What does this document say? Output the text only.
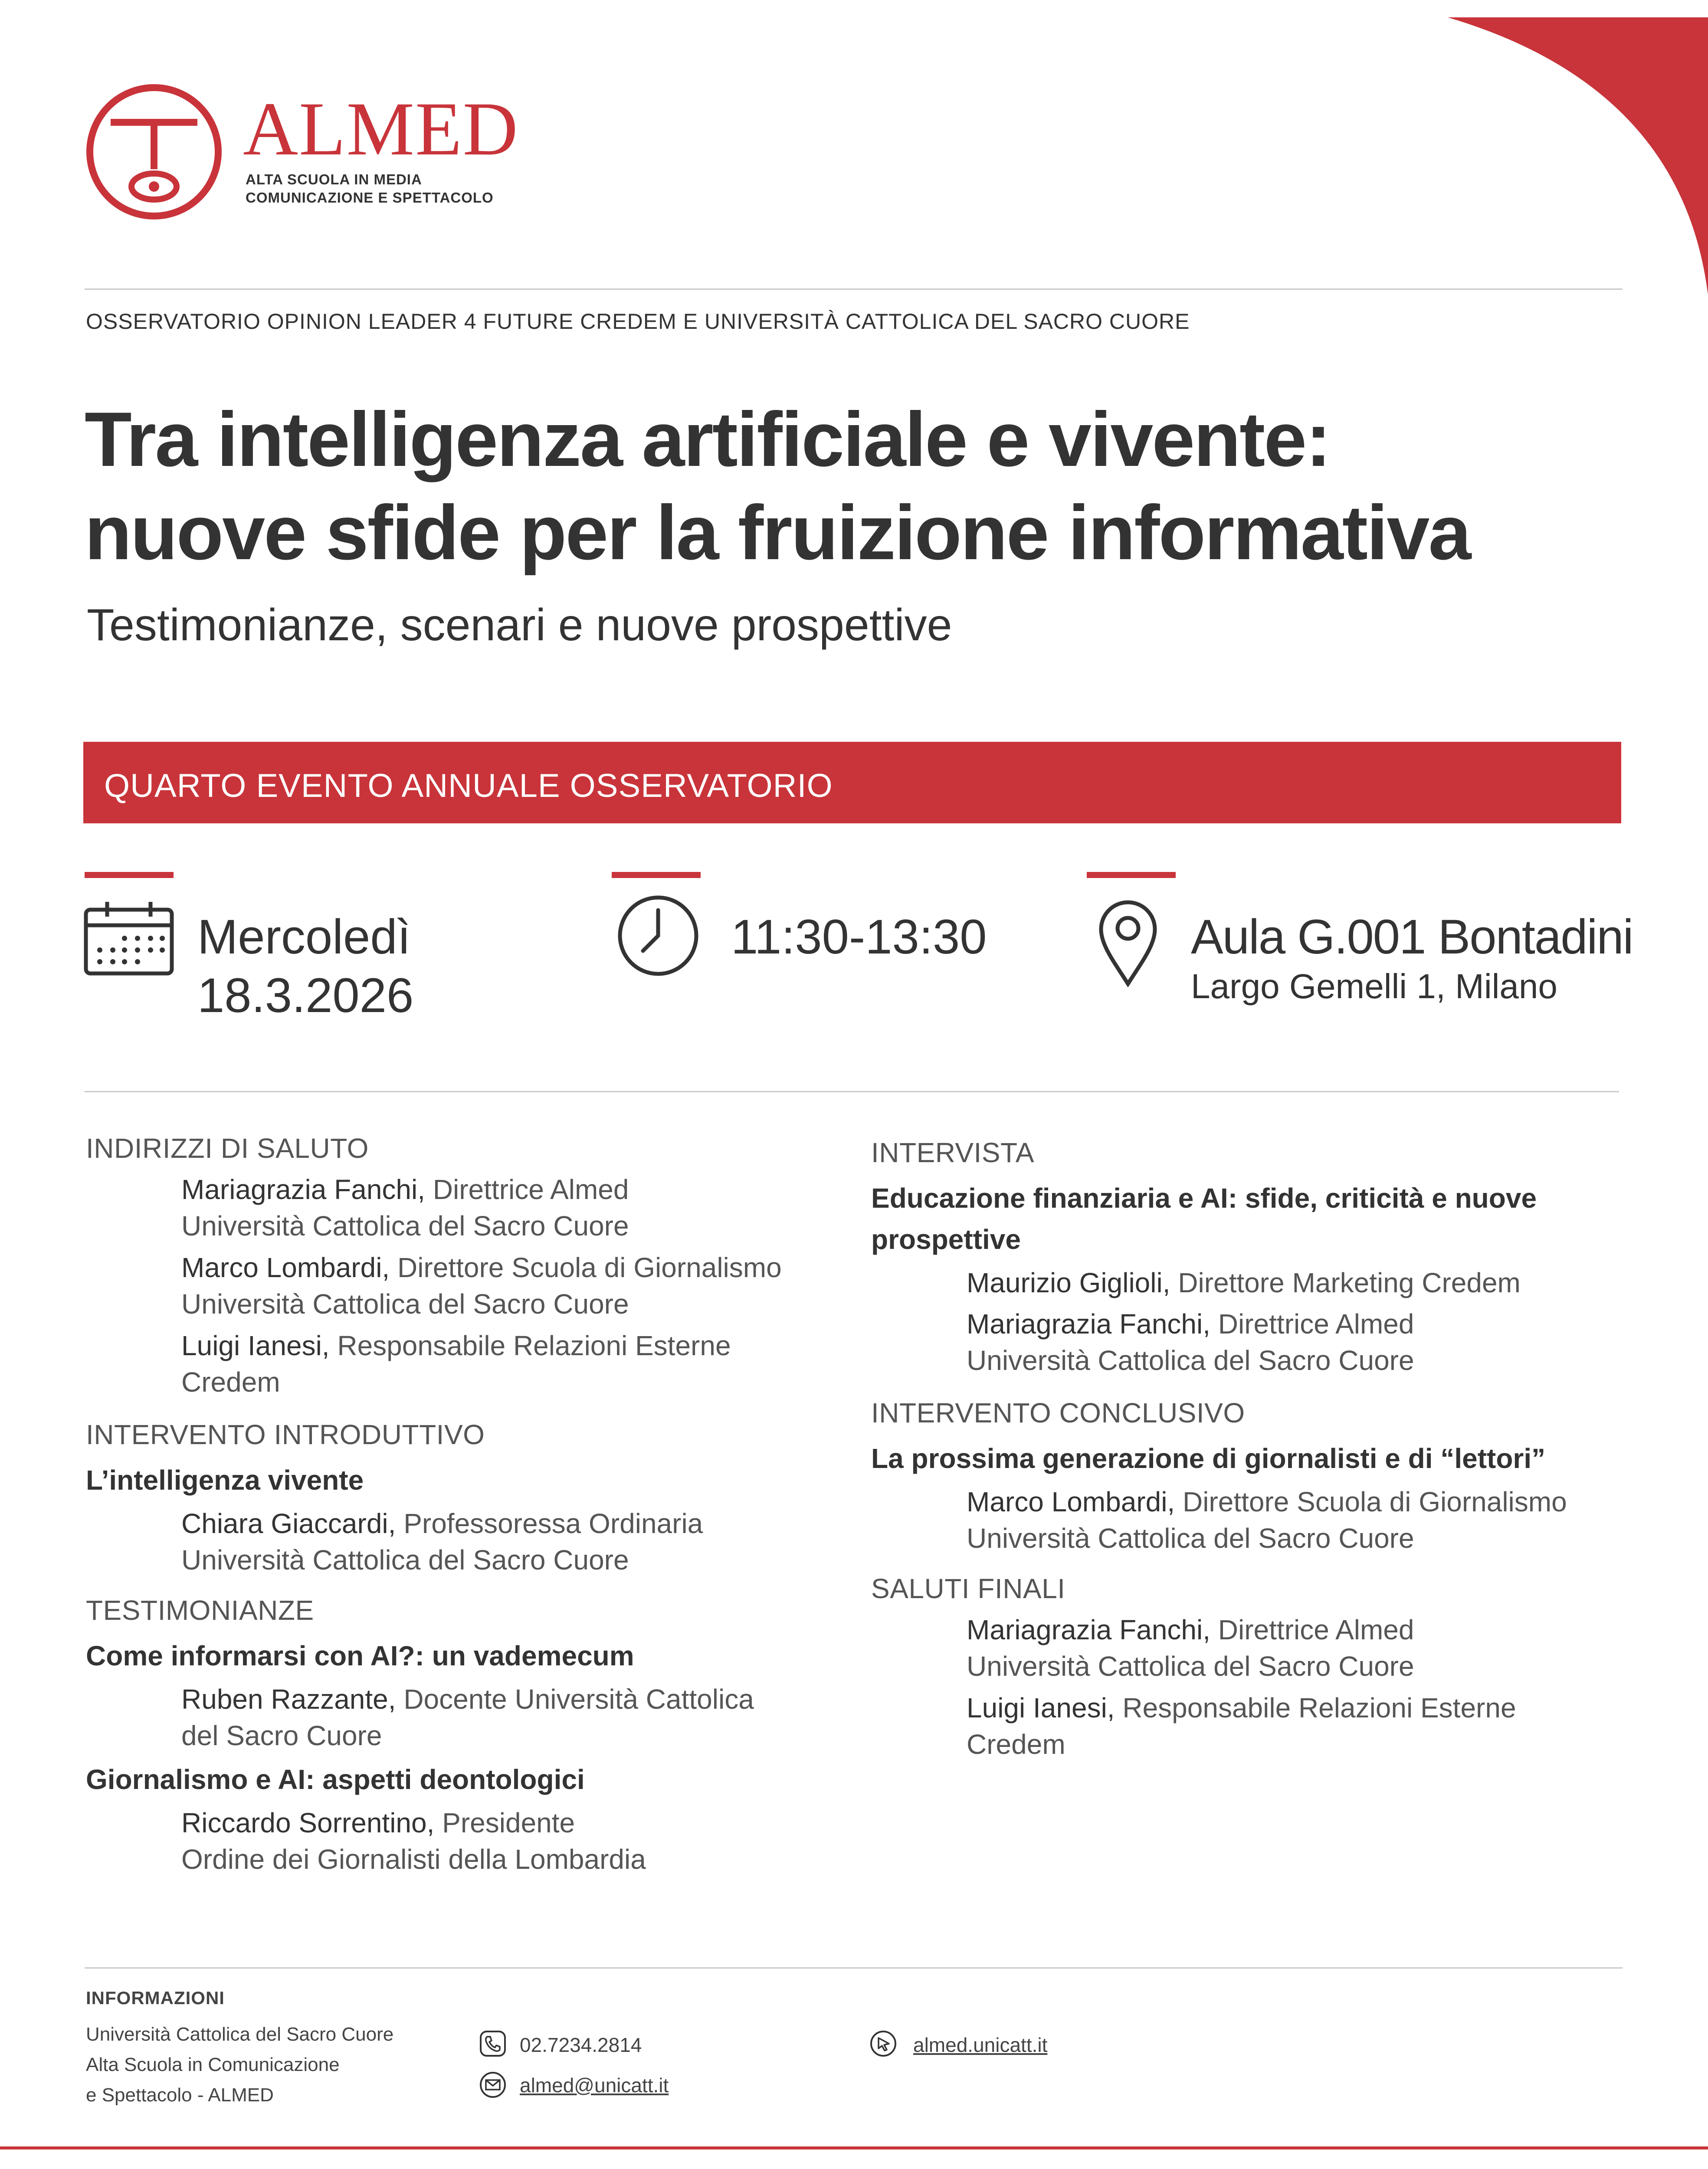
ALMED
ALTA SCUOLA IN MEDIA
COMUNICAZIONE E SPETTACOLO
OSSERVATORIO OPINION LEADER 4 FUTURE CREDEM E UNIVERSITÀ CATTOLICA DEL SACRO CUORE
Tra intelligenza artificiale e vivente:
nuove sfide per la fruizione informativa
Testimonianze, scenari e nuove prospettive
QUARTO EVENTO ANNUALE OSSERVATORIO
Mercoledì
18.3.2026
11:30-13:30	Aula G.001 Bontadini
Largo Gemelli 1, Milano
INDIRIZZI DI SALUTO
Mariagrazia Fanchi, Direttrice Almed
Università Cattolica del Sacro Cuore
Marco Lombardi, Direttore Scuola di Giornalismo
Università Cattolica del Sacro Cuore
Luigi Ianesi, Responsabile Relazioni Esterne
Credem
INTERVENTO INTRODUTTIVO
L’intelligenza vivente
Chiara Giaccardi, Professoressa Ordinaria
Università Cattolica del Sacro Cuore
TESTIMONIANZE
Come informarsi con AI?: un vademecum
Ruben Razzante, Docente Università Cattolica
del Sacro Cuore
Giornalismo e AI: aspetti deontologici
Riccardo Sorrentino, Presidente
Ordine dei Giornalisti della Lombardia
INTERVISTA
Educazione finanziaria e AI: sfide, criticità e nuove
prospettive
Maurizio Giglioli, Direttore Marketing Credem
Mariagrazia Fanchi, Direttrice Almed
Università Cattolica del Sacro Cuore
INTERVENTO CONCLUSIVO
La prossima generazione di giornalisti e di “lettori”
Marco Lombardi, Direttore Scuola di Giornalismo
Università Cattolica del Sacro Cuore
SALUTI FINALI
Mariagrazia Fanchi, Direttrice Almed
Università Cattolica del Sacro Cuore
Luigi Ianesi, Responsabile Relazioni Esterne
Credem
INFORMAZIONI
Università Cattolica del Sacro Cuore
Alta Scuola in Comunicazione
e Spettacolo - ALMED
02.7234.2814
almed@unicatt.it
almed.unicatt.it
